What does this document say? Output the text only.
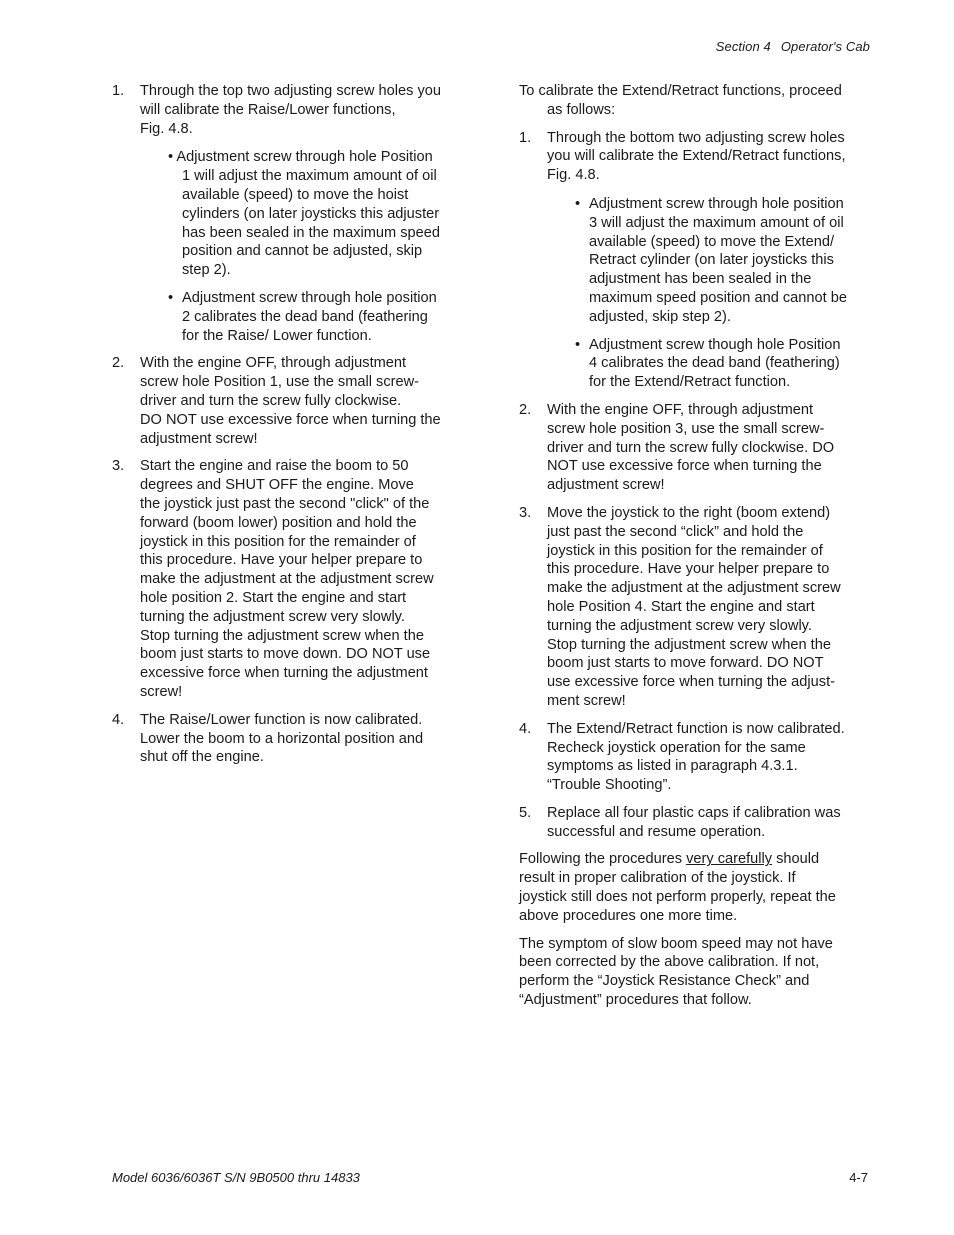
Section 4 Operator's Cab
1. Through the top two adjusting screw holes you
will calibrate the Raise/Lower functions,
Fig. 4.8.
• Adjustment screw through hole Position
1 will adjust the maximum amount of oil
available (speed) to move the hoist
cylinders (on later joysticks this adjuster
has been sealed in the maximum speed
position and cannot be adjusted, skip
step 2).
• Adjustment screw through hole position
2 calibrates the dead band (feathering
for the Raise/ Lower function.
2. With the engine OFF, through adjustment
screw hole Position 1, use the small screw-
driver and turn the screw fully clockwise.
DO NOT use excessive force when turning the
adjustment screw!
3. Start the engine and raise the boom to 50
degrees and SHUT OFF the engine. Move
the joystick just past the second "click" of the
forward (boom lower) position and hold the
joystick in this position for the remainder of
this procedure. Have your helper prepare to
make the adjustment at the adjustment screw
hole position 2. Start the engine and start
turning the adjustment screw very slowly.
Stop turning the adjustment screw when the
boom just starts to move down. DO NOT use
excessive force when turning the adjustment
screw!
4. The Raise/Lower function is now calibrated.
Lower the boom to a horizontal position and
shut off the engine.
To calibrate the Extend/Retract functions, proceed
as follows:
1. Through the bottom two adjusting screw holes
you will calibrate the Extend/Retract functions,
Fig. 4.8.
• Adjustment screw through hole position
3 will adjust the maximum amount of oil
available (speed) to move the Extend/
Retract cylinder (on later joysticks this
adjustment has been sealed in the
maximum speed position and cannot be
adjusted, skip step 2).
• Adjustment screw though hole Position
4 calibrates the dead band (feathering)
for the Extend/Retract function.
2. With the engine OFF, through adjustment
screw hole position 3, use the small screw-
driver and turn the screw fully clockwise. DO
NOT use excessive force when turning the
adjustment screw!
3. Move the joystick to the right (boom extend)
just past the second “click” and hold the
joystick in this position for the remainder of
this procedure. Have your helper prepare to
make the adjustment at the adjustment screw
hole Position 4. Start the engine and start
turning the adjustment screw very slowly.
Stop turning the adjustment screw when the
boom just starts to move forward. DO NOT
use excessive force when turning the adjust-
ment screw!
4. The Extend/Retract function is now calibrated.
Recheck joystick operation for the same
symptoms as listed in paragraph 4.3.1.
“Trouble Shooting”.
5. Replace all four plastic caps if calibration was
successful and resume operation.
Following the procedures very carefully should
result in proper calibration of the joystick. If
joystick still does not perform properly, repeat the
above procedures one more time.
The symptom of slow boom speed may not have
been corrected by the above calibration. If not,
perform the “Joystick Resistance Check” and
“Adjustment” procedures that follow.
Model 6036/6036T S/N 9B0500 thru 14833	4-7
